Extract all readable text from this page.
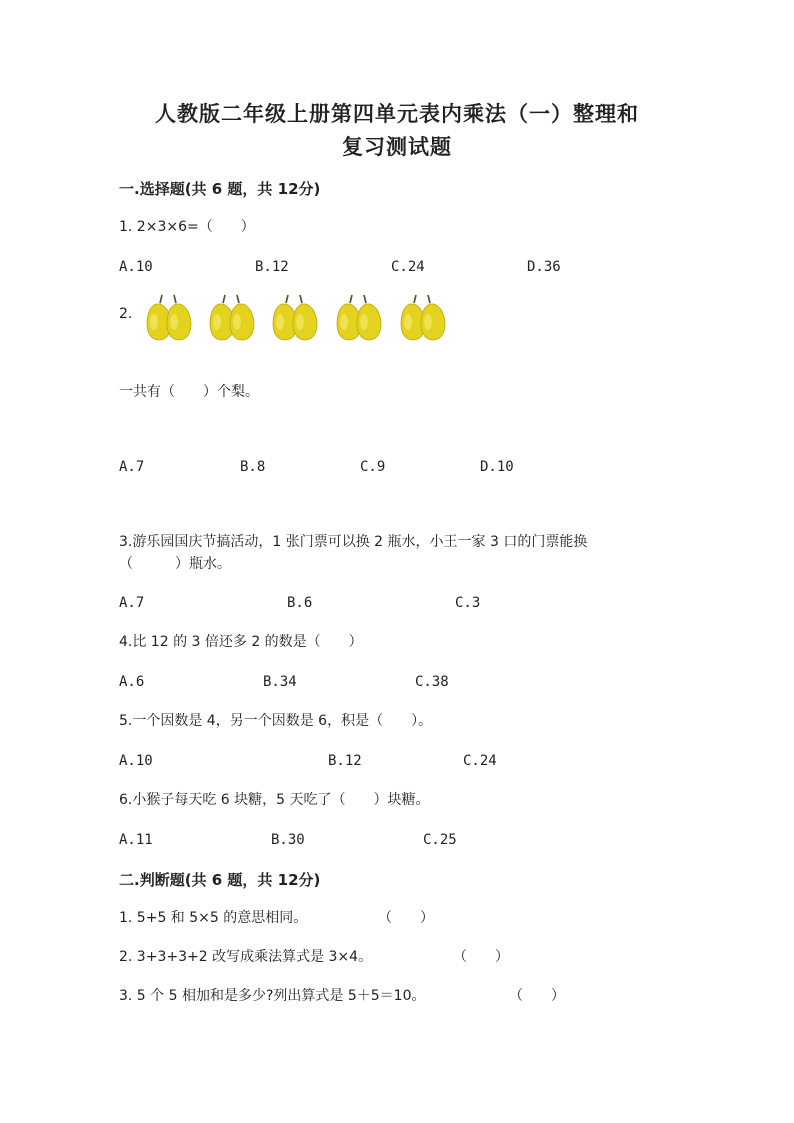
人教版二年级上册第四单元表内乘法（一）整理和
复习测试题
一.选择题(共 6 题，共 12分)
1. 2×3×6=（　　）
A.10	B.12	C.24	D.36
2.
一共有（　　）个梨。
A.7	B.8	C.9	D.10
3.游乐园国庆节搞活动，1 张门票可以换 2 瓶水，小王一家 3 口的门票能换
（　　　）瓶水。
A.7	B.6	C.3
4.比 12 的 3 倍还多 2 的数是（　　）
A.6	B.34	C.38
5.一个因数是 4，另一个因数是 6，积是（　　）。
A.10	B.12	C.24
6.小猴子每天吃 6 块糖，5 天吃了（　　）块糖。
A.11	B.30	C.25
二.判断题(共 6 题，共 12分)
1. 5+5 和 5×5 的意思相同。	（　　）
2. 3+3+3+2 改写成乘法算式是 3×4。	（　　）
3. 5 个 5 相加和是多少?列出算式是 5＋5＝10。	（　　）
